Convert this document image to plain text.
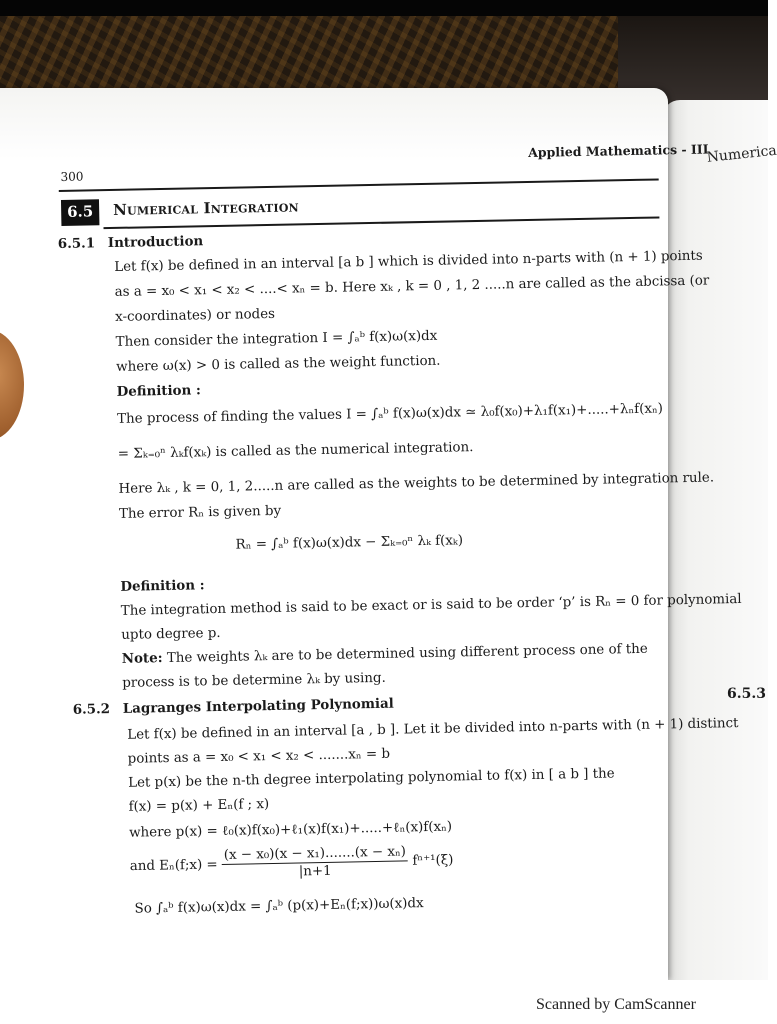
Numerica
6.5.3
300
Applied Mathematics - III
6.5	Numerical Integration
6.5.1 Introduction
Let f(x) be defined in an interval [a b ] which is divided into n-parts with (n + 1) points
as a = x₀ < x₁ < x₂ < ....< xₙ = b. Here xₖ , k = 0 , 1, 2 .....n are called as the abcissa (or
x-coordinates) or nodes
Then consider the integration I = ∫ₐᵇ f(x)ω(x)dx
where ω(x) > 0 is called as the weight function.
Definition :
The process of finding the values I = ∫ₐᵇ f(x)ω(x)dx ≃ λ₀f(x₀)+λ₁f(x₁)+.....+λₙf(xₙ)
= Σₖ₌₀ⁿ λₖf(xₖ) is called as the numerical integration.
Here λₖ , k = 0, 1, 2.....n are called as the weights to be determined by integration rule.
The error Rₙ is given by
Rₙ = ∫ₐᵇ f(x)ω(x)dx − Σₖ₌₀ⁿ λₖ f(xₖ)
Definition :
The integration method is said to be exact or is said to be order ‘p’ is Rₙ = 0 for polynomial
upto degree p.
Note: The weights λₖ are to be determined using different process one of the
process is to be determine λₖ by using.
6.5.2 Lagranges Interpolating Polynomial
Let f(x) be defined in an interval [a , b ]. Let it be divided into n-parts with (n + 1) distinct
points as a = x₀ < x₁ < x₂ < .......xₙ = b
Let p(x) be the n-th degree interpolating polynomial to f(x) in [ a b ] the
f(x) = p(x) + Eₙ(f ; x)
where p(x) = ℓ₀(x)f(x₀)+ℓ₁(x)f(x₁)+.....+ℓₙ(x)f(xₙ)
and Eₙ(f;x) = $\frac{\text{(x − x₀)(x − x₁).......(x − xₙ)}}{|n+1} f^{n+1}(\xi)$
So ∫ₐᵇ f(x)ω(x)dx = ∫ₐᵇ (p(x)+Eₙ(f;x))ω(x)dx
Scanned by CamScanner
